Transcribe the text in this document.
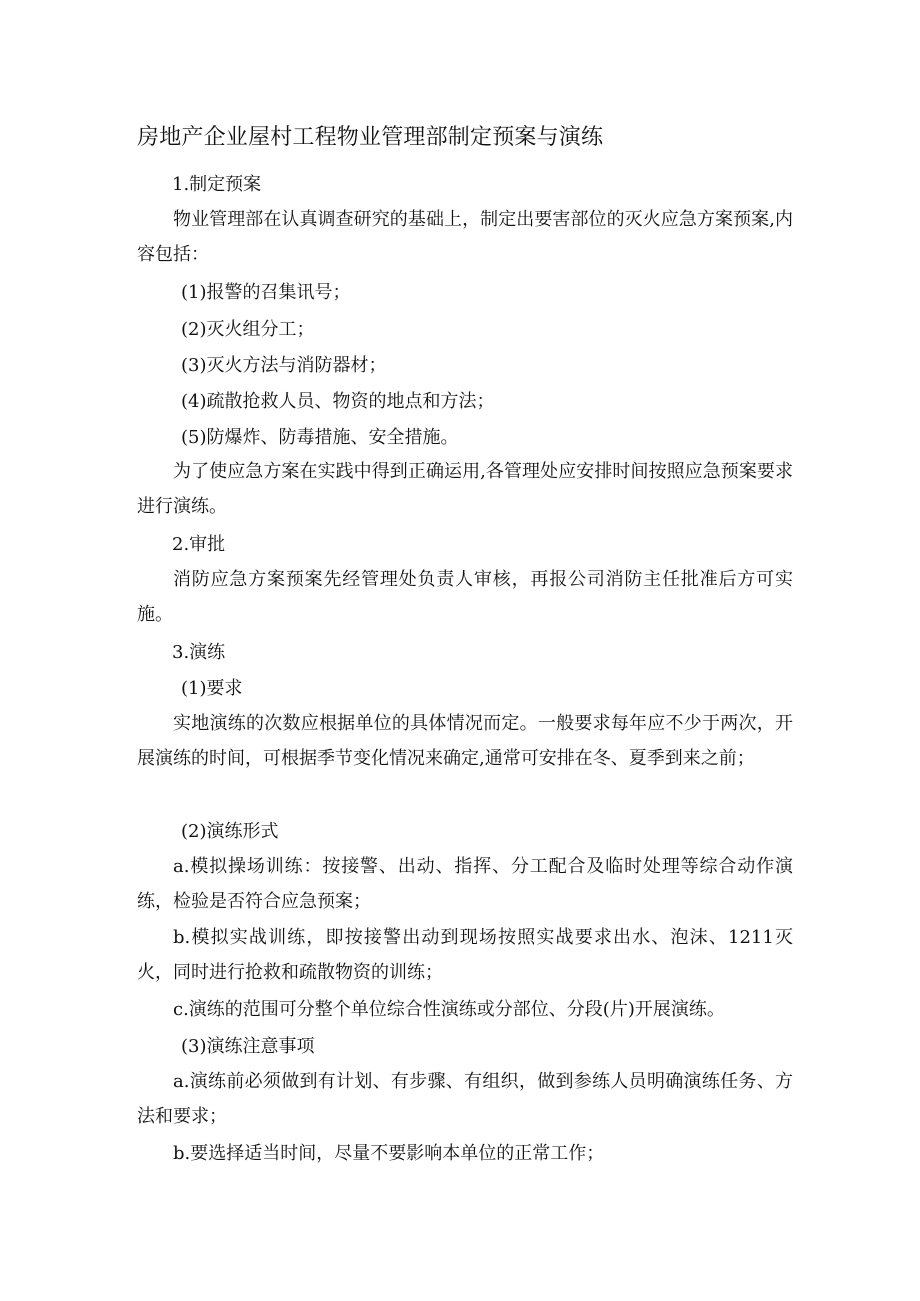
房地产企业屋村工程物业管理部制定预案与演练
1.制定预案

物业管理部在认真调查研究的基础上，制定出要害部位的灭火应急方案预案,内容包括：

(1)报警的召集讯号；
(2)灭火组分工；
(3)灭火方法与消防器材；
(4)疏散抢救人员、物资的地点和方法；
(5)防爆炸、防毒措施、安全措施。

为了使应急方案在实践中得到正确运用,各管理处应安排时间按照应急预案要求进行演练。

2.审批

消防应急方案预案先经管理处负责人审核，再报公司消防主任批准后方可实施。

3.演练
(1)要求

实地演练的次数应根据单位的具体情况而定。一般要求每年应不少于两次，开展演练的时间，可根据季节变化情况来确定,通常可安排在冬、夏季到来之前；

(2)演练形式

a.模拟操场训练：按接警、出动、指挥、分工配合及临时处理等综合动作演练，检验是否符合应急预案；

b.模拟实战训练，即按接警出动到现场按照实战要求出水、泡沫、1211灭火，同时进行抢救和疏散物资的训练；

c.演练的范围可分整个单位综合性演练或分部位、分段(片)开展演练。

(3)演练注意事项

a.演练前必须做到有计划、有步骤、有组织，做到参练人员明确演练任务、方法和要求；

b.要选择适当时间，尽量不要影响本单位的正常工作；
